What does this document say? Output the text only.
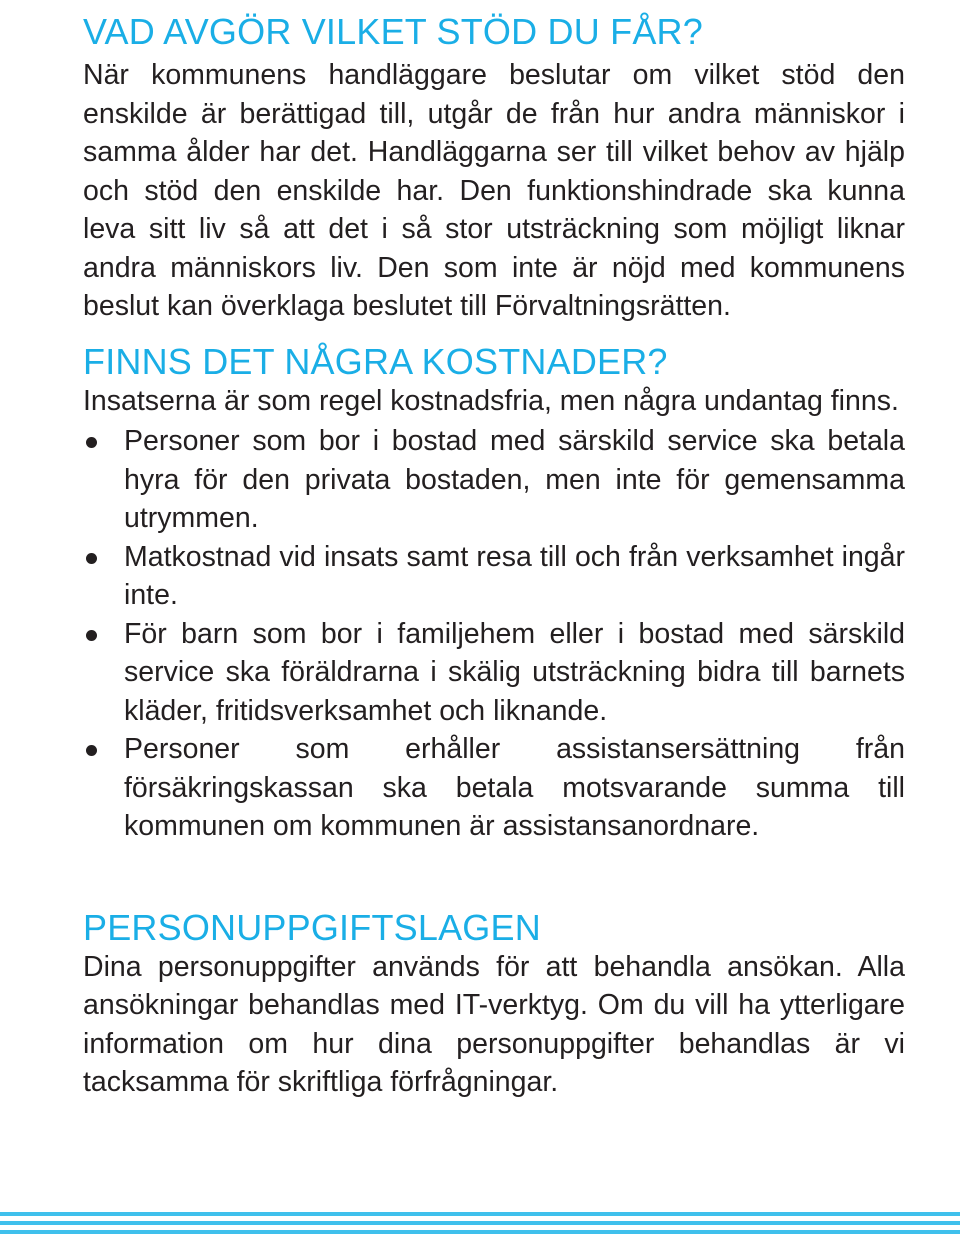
VAD AVGÖR VILKET STÖD DU FÅR?

När kommunens handläggare beslutar om vilket stöd den enskilde är berättigad till, utgår de från hur andra människor i samma ålder har det. Handläggarna ser till vilket behov av hjälp och stöd den enskilde har. Den funktionshindrade ska kunna leva sitt liv så att det i så stor utsträckning som möjligt liknar andra människors liv. Den som inte är nöjd med kommunens beslut kan överklaga beslutet till Förvaltningsrätten.

FINNS DET NÅGRA KOSTNADER?

Insatserna är som regel kostnadsfria, men några undantag finns.

Personer som bor i bostad med särskild service ska betala hyra för den privata bostaden, men inte för gemensamma utrymmen.
Matkostnad vid insats samt resa till och från verksamhet ingår inte.
För barn som bor i familjehem eller i bostad med särskild service ska föräldrarna i skälig utsträckning bidra till barnets kläder, fritidsverksamhet och liknande.
Personer som erhåller assistansersättning från försäkringskassan ska betala motsvarande summa till kommunen om kommunen är assistansanordnare.
PERSONUPPGIFTSLAGEN

Dina personuppgifter används för att behandla ansökan. Alla ansökningar behandlas med IT-verktyg. Om du vill ha ytterligare information om hur dina personuppgifter behandlas är vi tacksamma för skriftliga förfrågningar.
